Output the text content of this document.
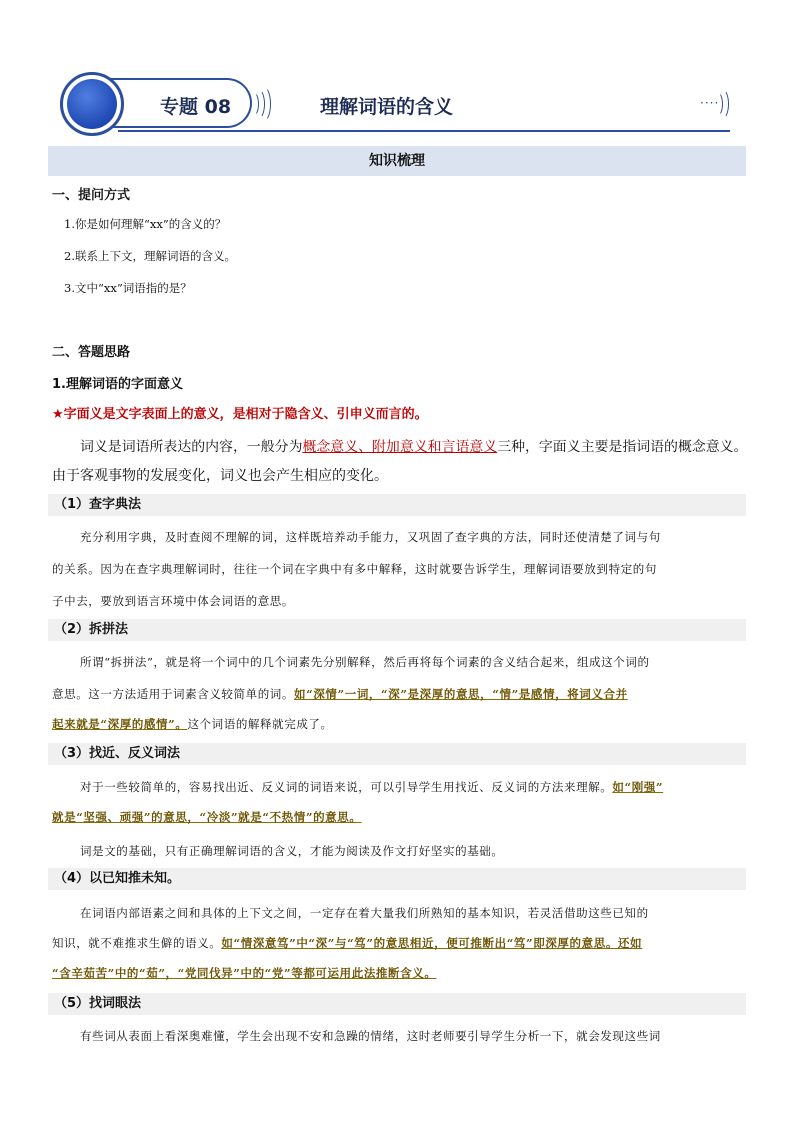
专题 08	理解词语的含义	····
知识梳理
一、提问方式
1.你是如何理解“xx”的含义的？
2.联系上下文，理解词语的含义。
3.文中“xx”词语指的是？
二、答题思路
1.理解词语的字面意义
★字面义是文字表面上的意义，是相对于隐含义、引申义而言的。
词义是词语所表达的内容，一般分为概念意义、附加意义和言语意义三种，字面义主要是指词语的概念意义。
由于客观事物的发展变化，词义也会产生相应的变化。
（1）查字典法
充分利用字典，及时查阅不理解的词，这样既培养动手能力，又巩固了查字典的方法，同时还使清楚了词与句
的关系。因为在查字典理解词时，往往一个词在字典中有多中解释，这时就要告诉学生，理解词语要放到特定的句
子中去，要放到语言环境中体会词语的意思。
（2）拆拼法
所谓“拆拼法”，就是将一个词中的几个词素先分别解释，然后再将每个词素的含义结合起来，组成这个词的
意思。这一方法适用于词素含义较简单的词。如“深情”一词，“深”是深厚的意思，“情”是感情，将词义合并
起来就是“深厚的感情”。这个词语的解释就完成了。
（3）找近、反义词法
对于一些较简单的，容易找出近、反义词的词语来说，可以引导学生用找近、反义词的方法来理解。如“刚强”
就是“坚强、顽强”的意思，“冷淡”就是“不热情”的意思。
词是文的基础，只有正确理解词语的含义，才能为阅读及作文打好坚实的基础。
（4）以已知推未知。
在词语内部语素之间和具体的上下文之间，一定存在着大量我们所熟知的基本知识，若灵活借助这些已知的
知识，就不难推求生僻的语义。如“情深意笃”中“深”与“笃”的意思相近，便可推断出“笃”即深厚的意思。还如
“含辛茹苦”中的“茹”，“党同伐异”中的“党”等都可运用此法推断含义。
（5）找词眼法
有些词从表面上看深奥难懂，学生会出现不安和急躁的情绪，这时老师要引导学生分析一下，就会发现这些词
